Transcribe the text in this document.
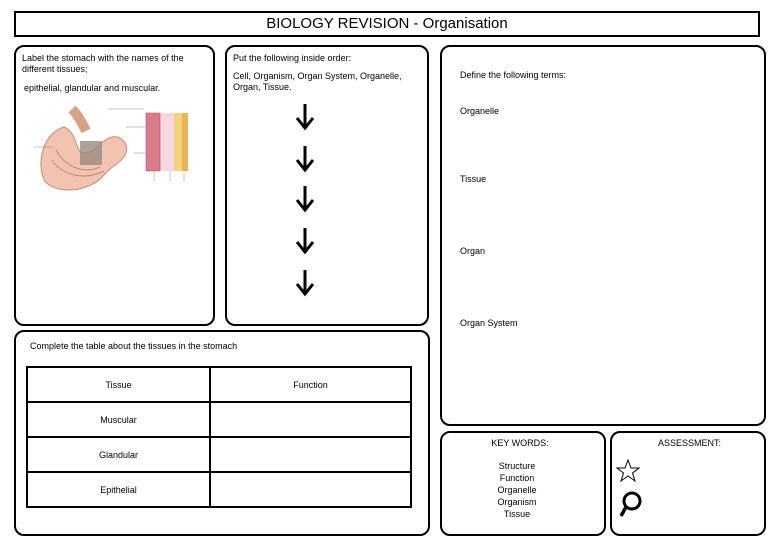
BIOLOGY REVISION - Organisation
Label the stomach with the names of the different tissues;
epithelial, glandular and muscular.
Put the following inside order:
Cell, Organism, Organ System, Organelle, Organ, Tissue.
Define the following terms:
Organelle
Tissue
Organ
Organ System
Complete the table about the tissues in the stomach
Tissue	Function
Muscular	
Glandular	
Epithelial	
KEY WORDS:
Structure
Function
Organelle
Organism
Tissue
ASSESSMENT:
